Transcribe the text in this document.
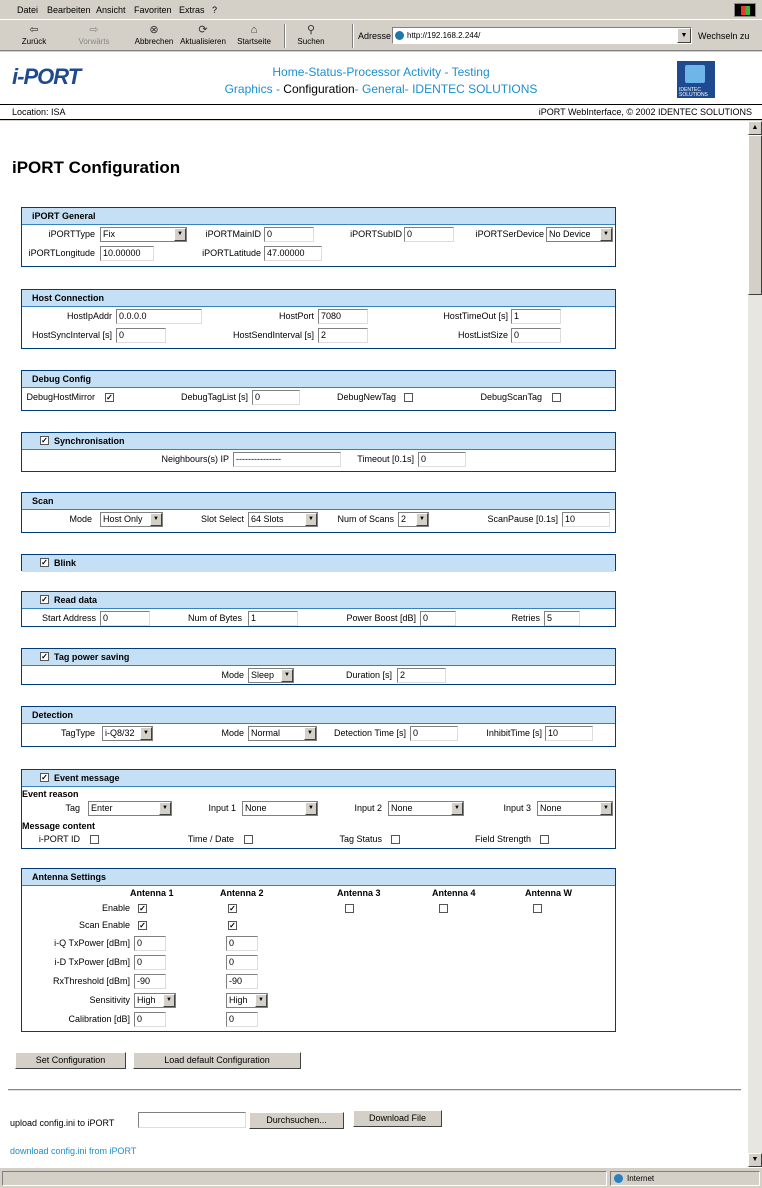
Datei Bearbeiten Ansicht Favoriten Extras ?
⇦
Zurück
⇨
Vorwärts
⊗
Abbrechen
⟳
Aktualisieren
⌂
Startseite
⚲
Suchen
Adresse	http://192.168.2.244/	▼	Wechseln zu
i-PORT	Home-Status-Processor Activity - Testing
Graphics - Configuration- General- IDENTEC SOLUTIONS	IDENTEC SOLUTIONS
Location: ISA	iPORT WebInterface, © 2002 IDENTEC SOLUTIONS
iPORT Configuration
iPORT General
iPORTType Fix	▼	iPORTMainID 0	iPORTSubID 0	iPORTSerDevice No Device	▼
iPORTLongitude 10.00000	iPORTLatitude 47.00000
Host Connection
HostIpAddr 0.0.0.0	HostPort 7080	HostTimeOut [s] 1
HostSyncInterval [s] 0	HostSendInterval [s] 2	HostListSize 0
Debug Config
DebugHostMirror ✓	DebugTagList [s] 0	DebugNewTag	DebugScanTag
✓ Synchronisation
Neighbours(s) IP ---------------	Timeout [0.1s] 0
Scan
Mode	Host Only	▼	Slot Select 64 Slots	▼	Num of Scans 2	▼	ScanPause [0.1s] 10
✓ Blink
✓ Read data
Start Address 0	Num of Bytes	1	Power Boost [dB] 0	Retries 5
✓ Tag power saving
Mode Sleep	▼	Duration [s] 2
Detection
TagType	i-Q8/32	▼	Mode Normal	▼	Detection Time [s] 0	InhibitTime [s] 10
✓ Event message
Event reason
Tag	Enter	▼	Input 1	None	▼	Input 2	None	▼	Input 3	None	▼
Message content
i-PORT ID	Time / Date	Tag Status	Field Strength
Antenna Settings
Antenna 1	Antenna 2	Antenna 3	Antenna 4	Antenna W
Enable ✓	✓
Scan Enable ✓	✓
i-Q TxPower [dBm] 0	0
i-D TxPower [dBm] 0	0
RxThreshold [dBm] -90	-90
Sensitivity High	▼	High	▼
Calibration [dB] 0	0
Set Configuration	Load default Configuration
upload config.ini to iPORT	Durchsuchen...	Download File
download config.ini from iPORT
▲
▼
Internet
